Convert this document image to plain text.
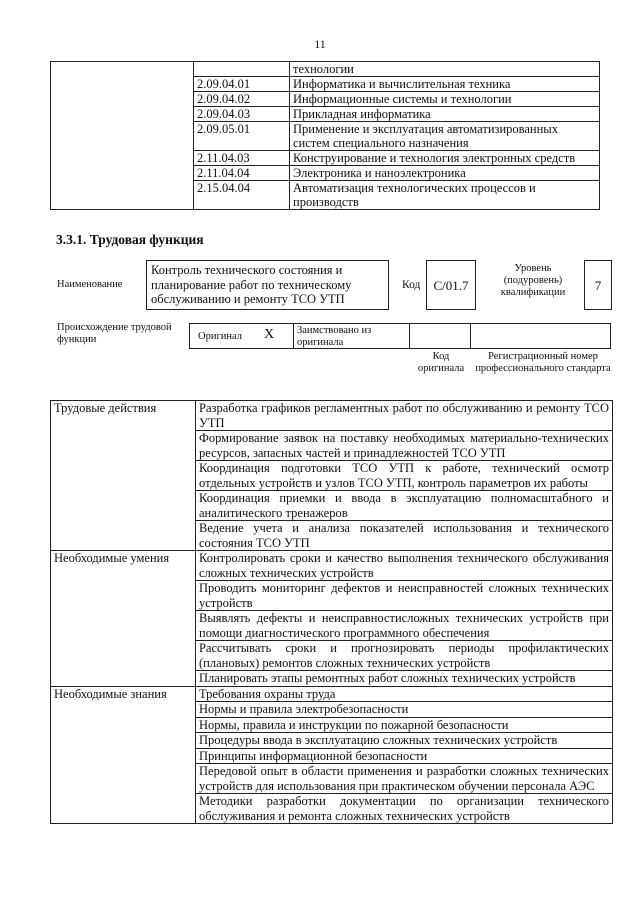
11
		технологии
	2.09.04.01	Информатика и вычислительная техника
	2.09.04.02	Информационные системы и технологии
	2.09.04.03	Прикладная информатика
	2.09.05.01	Применение и эксплуатация автоматизированных систем специального назначения
	2.11.04.03	Конструирование и технология электронных средств
	2.11.04.04	Электроника и наноэлектроника
	2.15.04.04	Автоматизация технологических процессов и производств
3.3.1. Трудовая функция
Наименование
Контроль технического состояния и планирование работ по техническому обслуживанию и ремонту ТСО УТП
Код	C/01.7
Уровень (подуровень) квалификации	7
Происхождение трудовой функции	Оригинал X	Заимствовано из оригинала
Код оригинала
Регистрационный номер профессионального стандарта
Трудовые действия	Разработка графиков регламентных работ по обслуживанию и ремонту ТСО УТП
	Формирование заявок на поставку необходимых материально-технических ресурсов, запасных частей и принадлежностей ТСО УТП
	Координация подготовки ТСО УТП к работе, технический осмотр отдельных устройств и узлов ТСО УТП, контроль параметров их работы
	Координация приемки и ввода в эксплуатацию полномасштабного и аналитического тренажеров
	Ведение учета и анализа показателей использования и технического состояния ТСО УТП
Необходимые умения	Контролировать сроки и качество выполнения технического обслуживания сложных технических устройств
	Проводить мониторинг дефектов и неисправностей сложных технических устройств
	Выявлять дефекты и неисправностисложных технических устройств при помощи диагностического программного обеспечения
	Рассчитывать сроки и прогнозировать периоды профилактических (плановых) ремонтов сложных технических устройств
	Планировать этапы ремонтных работ сложных технических устройств
Необходимые знания	Требования охраны труда
	Нормы и правила электробезопасности
	Нормы, правила и инструкции по пожарной безопасности
	Процедуры ввода в эксплуатацию сложных технических устройств
	Принципы информационной безопасности
	Передовой опыт в области применения и разработки сложных технических устройств для использования при практическом обучении персонала АЭС
	Методики разработки документации по организации технического обслуживания и ремонта сложных технических устройств
